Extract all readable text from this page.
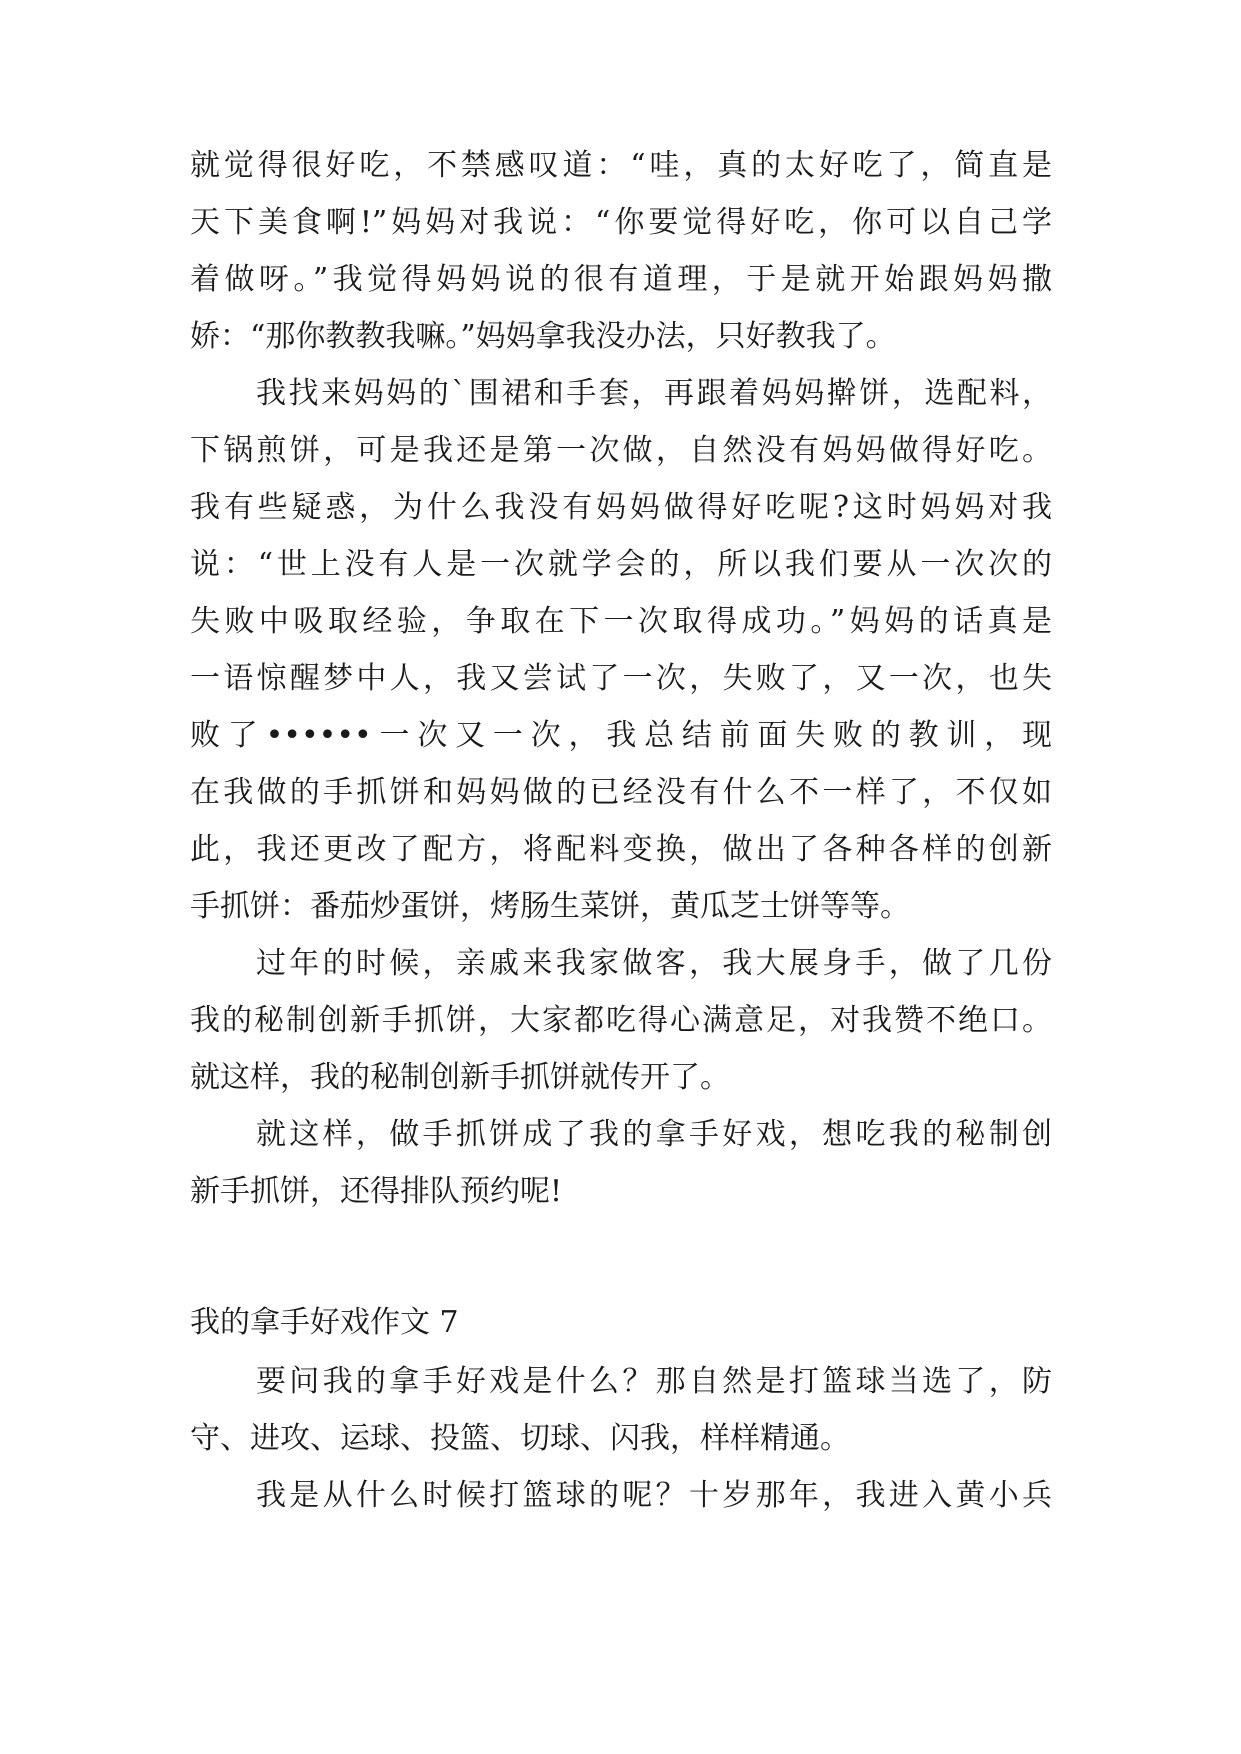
就觉得很好吃，不禁感叹道：“哇，真的太好吃了，简直是
天下美食啊!”妈妈对我说：“你要觉得好吃，你可以自己学
着做呀。”我觉得妈妈说的很有道理，于是就开始跟妈妈撒
娇：“那你教教我嘛。”妈妈拿我没办法，只好教我了。
我找来妈妈的`围裙和手套，再跟着妈妈擀饼，选配料，
下锅煎饼，可是我还是第一次做，自然没有妈妈做得好吃。
我有些疑惑，为什么我没有妈妈做得好吃呢?这时妈妈对我
说：“世上没有人是一次就学会的，所以我们要从一次次的
失败中吸取经验，争取在下一次取得成功。”妈妈的话真是
一语惊醒梦中人，我又尝试了一次，失败了，又一次，也失
败了••••••一次又一次，我总结前面失败的教训，现
在我做的手抓饼和妈妈做的已经没有什么不一样了，不仅如
此，我还更改了配方，将配料变换，做出了各种各样的创新
手抓饼：番茄炒蛋饼，烤肠生菜饼，黄瓜芝士饼等等。
过年的时候，亲戚来我家做客，我大展身手，做了几份
我的秘制创新手抓饼，大家都吃得心满意足，对我赞不绝口。
就这样，我的秘制创新手抓饼就传开了。
就这样，做手抓饼成了我的拿手好戏，想吃我的秘制创
新手抓饼，还得排队预约呢!
我的拿手好戏作文 7
要问我的拿手好戏是什么？那自然是打篮球当选了，防
守、进攻、运球、投篮、切球、闪我，样样精通。
我是从什么时候打篮球的呢？十岁那年，我进入黄小兵
